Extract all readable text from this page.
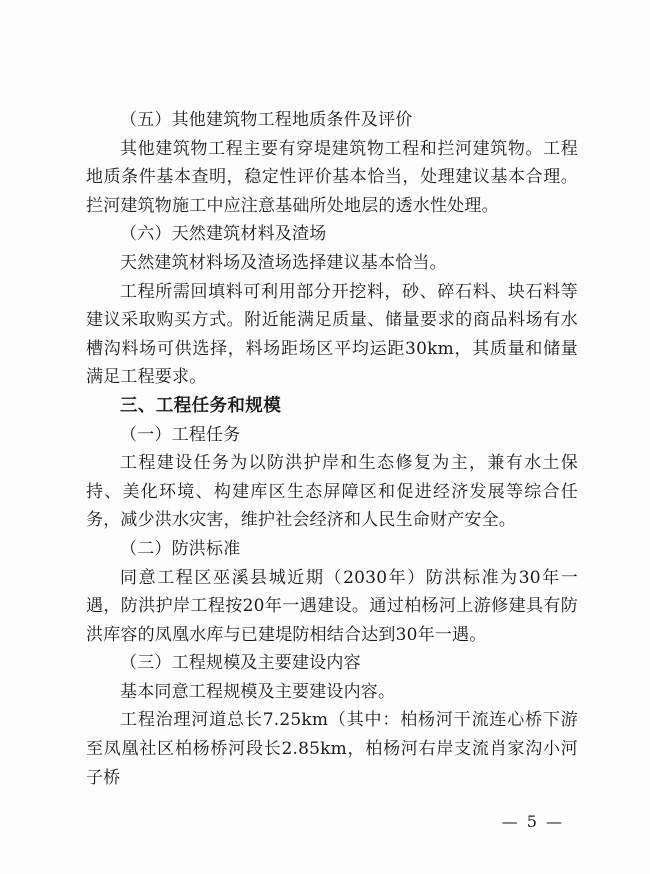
（五）其他建筑物工程地质条件及评价

其他建筑物工程主要有穿堤建筑物工程和拦河建筑物。工程地质条件基本查明，稳定性评价基本恰当，处理建议基本合理。拦河建筑物施工中应注意基础所处地层的透水性处理。

（六）天然建筑材料及渣场

天然建筑材料场及渣场选择建议基本恰当。

工程所需回填料可利用部分开挖料，砂、碎石料、块石料等建议采取购买方式。附近能满足质量、储量要求的商品料场有水槽沟料场可供选择，料场距场区平均运距30km，其质量和储量满足工程要求。

三、工程任务和规模

（一）工程任务

工程建设任务为以防洪护岸和生态修复为主，兼有水土保持、美化环境、构建库区生态屏障区和促进经济发展等综合任务，减少洪水灾害，维护社会经济和人民生命财产安全。

（二）防洪标准

同意工程区巫溪县城近期（2030年）防洪标准为30年一遇，防洪护岸工程按20年一遇建设。通过柏杨河上游修建具有防洪库容的凤凰水库与已建堤防相结合达到30年一遇。

（三）工程规模及主要建设内容

基本同意工程规模及主要建设内容。

工程治理河道总长7.25km（其中：柏杨河干流连心桥下游至凤凰社区柏杨桥河段长2.85km，柏杨河右岸支流肖家沟小河子桥

— 5 —
